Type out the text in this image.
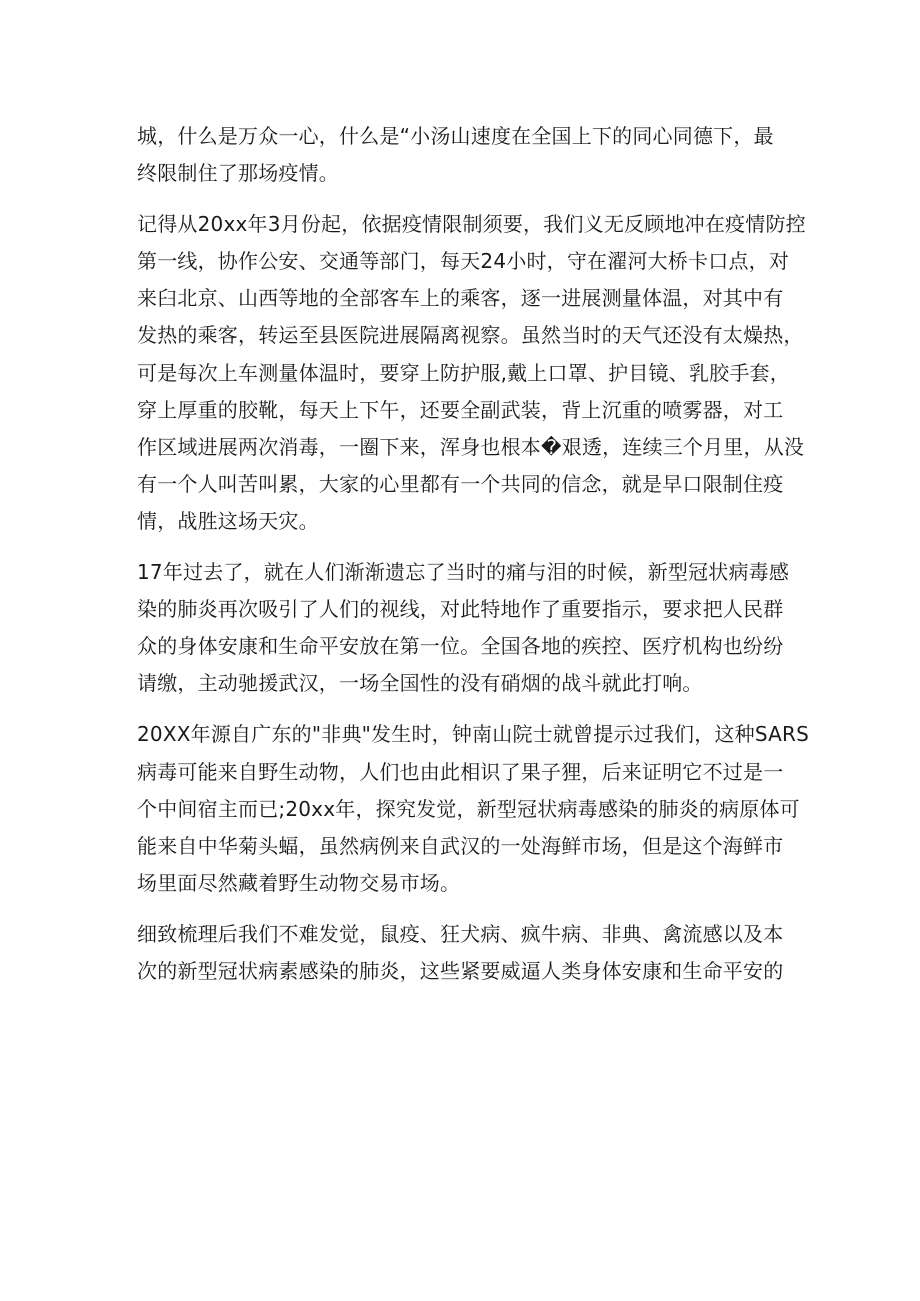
城，什么是万众一心，什么是“小汤山速度在全国上下的同心同德下，最
终限制住了那场疫情。
记得从20xx年3月份起，依据疫情限制须要，我们义无反顾地冲在疫情防控
第一线，协作公安、交通等部门，每天24小时，守在濯河大桥卡口点，对
来臼北京、山西等地的全部客车上的乘客，逐一进展测量体温，对其中有
发热的乘客，转运至县医院进展隔离视察。虽然当时的天气还没有太燥热，
可是每次上车测量体温时，要穿上防护服,戴上口罩、护目镜、乳胶手套，
穿上厚重的胶靴，每天上下午，还要全副武装，背上沉重的喷雾器，对工
作区域进展两次消毒，一圈下来，浑身也根本�艰透，连续三个月里，从没
有一个人叫苦叫累，大家的心里都有一个共同的信念，就是早口限制住疫
情，战胜这场天灾。
17年过去了，就在人们渐渐遗忘了当时的痛与泪的时候，新型冠状病毒感
染的肺炎再次吸引了人们的视线，对此特地作了重要指示，要求把人民群
众的身体安康和生命平安放在第一位。全国各地的疾控、医疗机构也纷纷
请缴，主动驰援武汉，一场全国性的没有硝烟的战斗就此打响。
20XX年源自广东的"非典"发生时，钟南山院士就曾提示过我们，这种SARS
病毒可能来自野生动物，人们也由此相识了果子狸，后来证明它不过是一
个中间宿主而已;20xx年，探究发觉，新型冠状病毒感染的肺炎的病原体可
能来自中华菊头蝠，虽然病例来自武汉的一处海鲜市场，但是这个海鲜市
场里面尽然藏着野生动物交易市场。
细致梳理后我们不难发觉，鼠疫、狂犬病、疯牛病、非典、禽流感以及本
次的新型冠状病素感染的肺炎，这些紧要威逼人类身体安康和生命平安的
